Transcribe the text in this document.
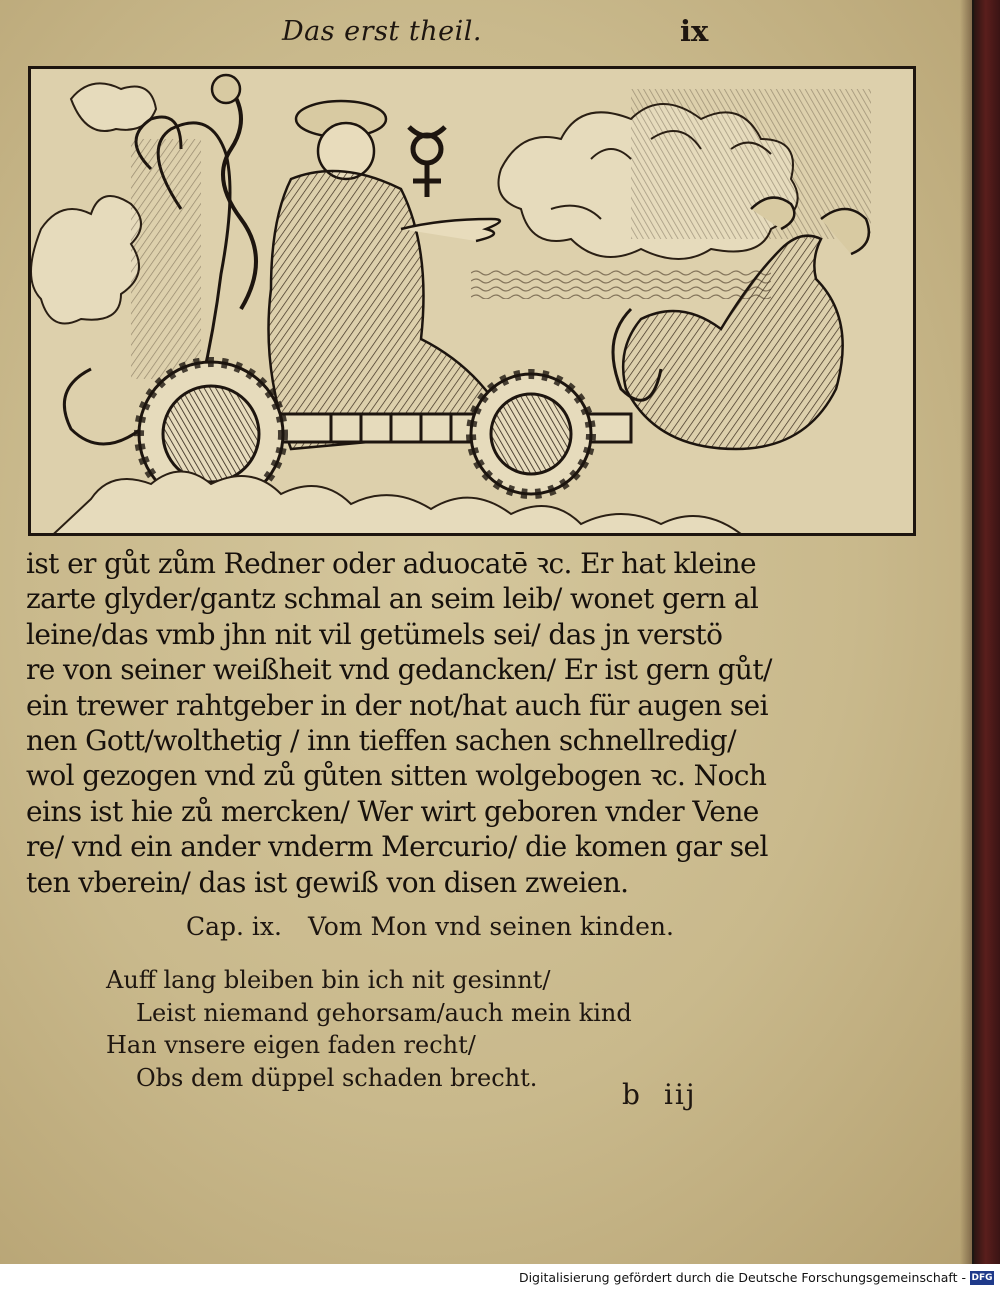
Das erst theil.	ix
ist er gůt zům Redner oder aduocatē ꝛc. Er hat kleine
zarte glyder/gantz schmal an seim leib/ wonet gern al
leine/das vmb jhn nit vil getümels sei/ das jn verstö
re von seiner weißheit vnd gedancken/ Er ist gern gůt/
ein trewer rahtgeber in der not/hat auch für augen sei
nen Gott/wolthetig / inn tieffen sachen schnellredig/
wol gezogen vnd zů gůten sitten wolgebogen ꝛc. Noch
eins ist hie zů mercken/ Wer wirt geboren vnder Vene
re/ vnd ein ander vnderm Mercurio/ die komen gar sel
ten vberein/ das ist gewiß von disen zweien.
Cap. ix. Vom Mon vnd seinen kinden.
Auff lang bleiben bin ich nit gesinnt/
Leist niemand gehorsam/auch mein kind
Han vnsere eigen faden recht/
Obs dem düppel schaden brecht.
b iij
Digitalisierung gefördert durch die Deutsche Forschungsgemeinschaft - DFG
